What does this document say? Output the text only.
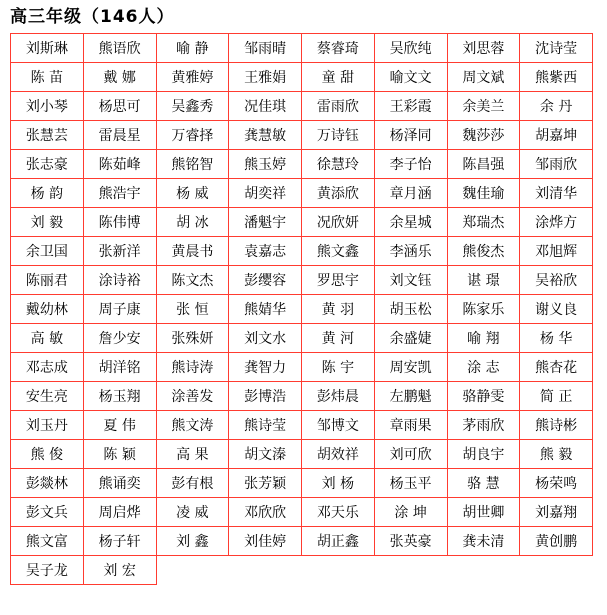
高三年级（146人）
刘斯琳	熊语欣	喻 静	邹雨晴	蔡睿琦	吴欣纯	刘思蓉	沈诗莹
陈 苗	戴 娜	黄雅婷	王雅娟	童 甜	喻文文	周文斌	熊紫西
刘小琴	杨思可	吴鑫秀	况佳琪	雷雨欣	王彩霞	余美兰	余 丹
张慧芸	雷晨星	万睿择	龚慧敏	万诗钰	杨泽同	魏莎莎	胡嘉坤
张志豪	陈茹峰	熊铭智	熊玉婷	徐慧玲	李子怡	陈昌强	邹雨欣
杨 韵	熊浩宇	杨 威	胡奕祥	黄添欣	章月涵	魏佳瑜	刘清华
刘 毅	陈伟博	胡 冰	潘魁宇	况欣妍	余星城	郑瑞杰	涂烨方
余卫国	张新洋	黄晨书	袁嘉志	熊文鑫	李涵乐	熊俊杰	邓旭辉
陈丽君	涂诗裕	陈文杰	彭缨容	罗思宇	刘文钰	谌 璟	吴裕欣
戴幼林	周子康	张 恒	熊婧华	黄 羽	胡玉松	陈家乐	谢义良
高 敏	詹少安	张殊妍	刘文水	黄 河	余盛婕	喻 翔	杨 华
邓志成	胡洋铭	熊诗涛	龚智力	陈 宇	周安凯	涂 志	熊杏花
安生亮	杨玉翔	涂善发	彭博浩	彭炜晨	左鹏魁	骆静雯	简 正
刘玉丹	夏 伟	熊文涛	熊诗莹	邹博文	章雨果	茅雨欣	熊诗彬
熊 俊	陈 颖	高 果	胡文溱	胡效祥	刘可欣	胡良宇	熊 毅
彭燚林	熊诵奕	彭有根	张芳颖	刘 杨	杨玉平	骆 慧	杨荣鸣
彭文兵	周启烨	凌 威	邓欣欣	邓天乐	涂 坤	胡世卿	刘嘉翔
熊文富	杨子轩	刘 鑫	刘佳婷	胡正鑫	张英豪	龚未清	黄创鹏
吴子龙	刘 宏						
